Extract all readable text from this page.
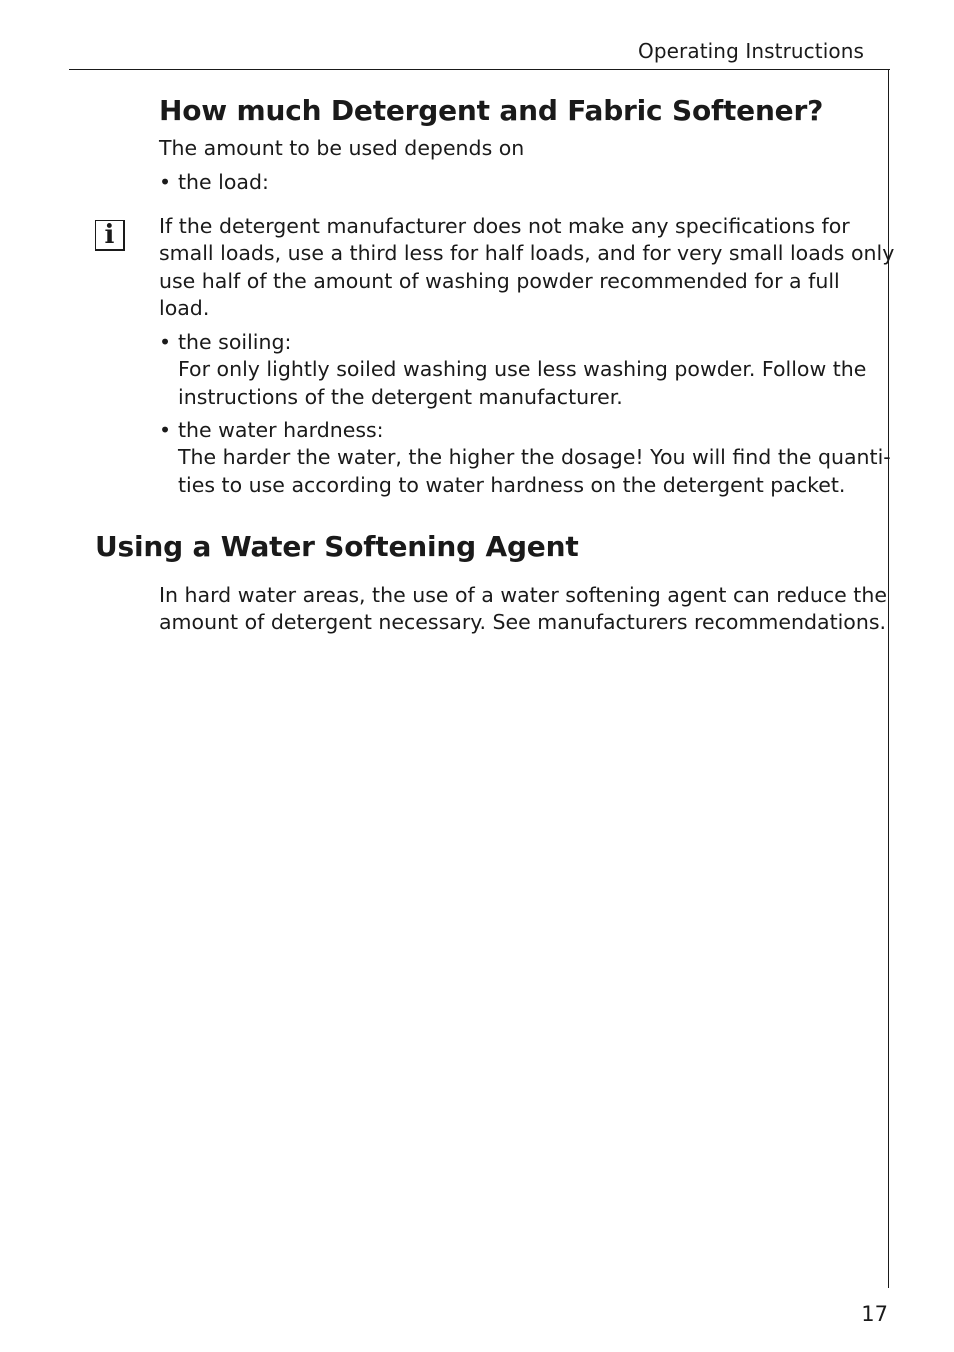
Operating Instructions
How much Detergent and Fabric Softener?
The amount to be used depends on
• the load:
i	If the detergent manufacturer does not make any specifications for
small loads, use a third less for half loads, and for very small loads only
use half of the amount of washing powder recommended for a full
load.
• the soiling:
For only lightly soiled washing use less washing powder. Follow the
instructions of the detergent manufacturer.
• the water hardness:
The harder the water, the higher the dosage! You will find the quanti-
ties to use according to water hardness on the detergent packet.
Using a Water Softening Agent
In hard water areas, the use of a water softening agent can reduce the
amount of detergent necessary. See manufacturers recommendations.
17
